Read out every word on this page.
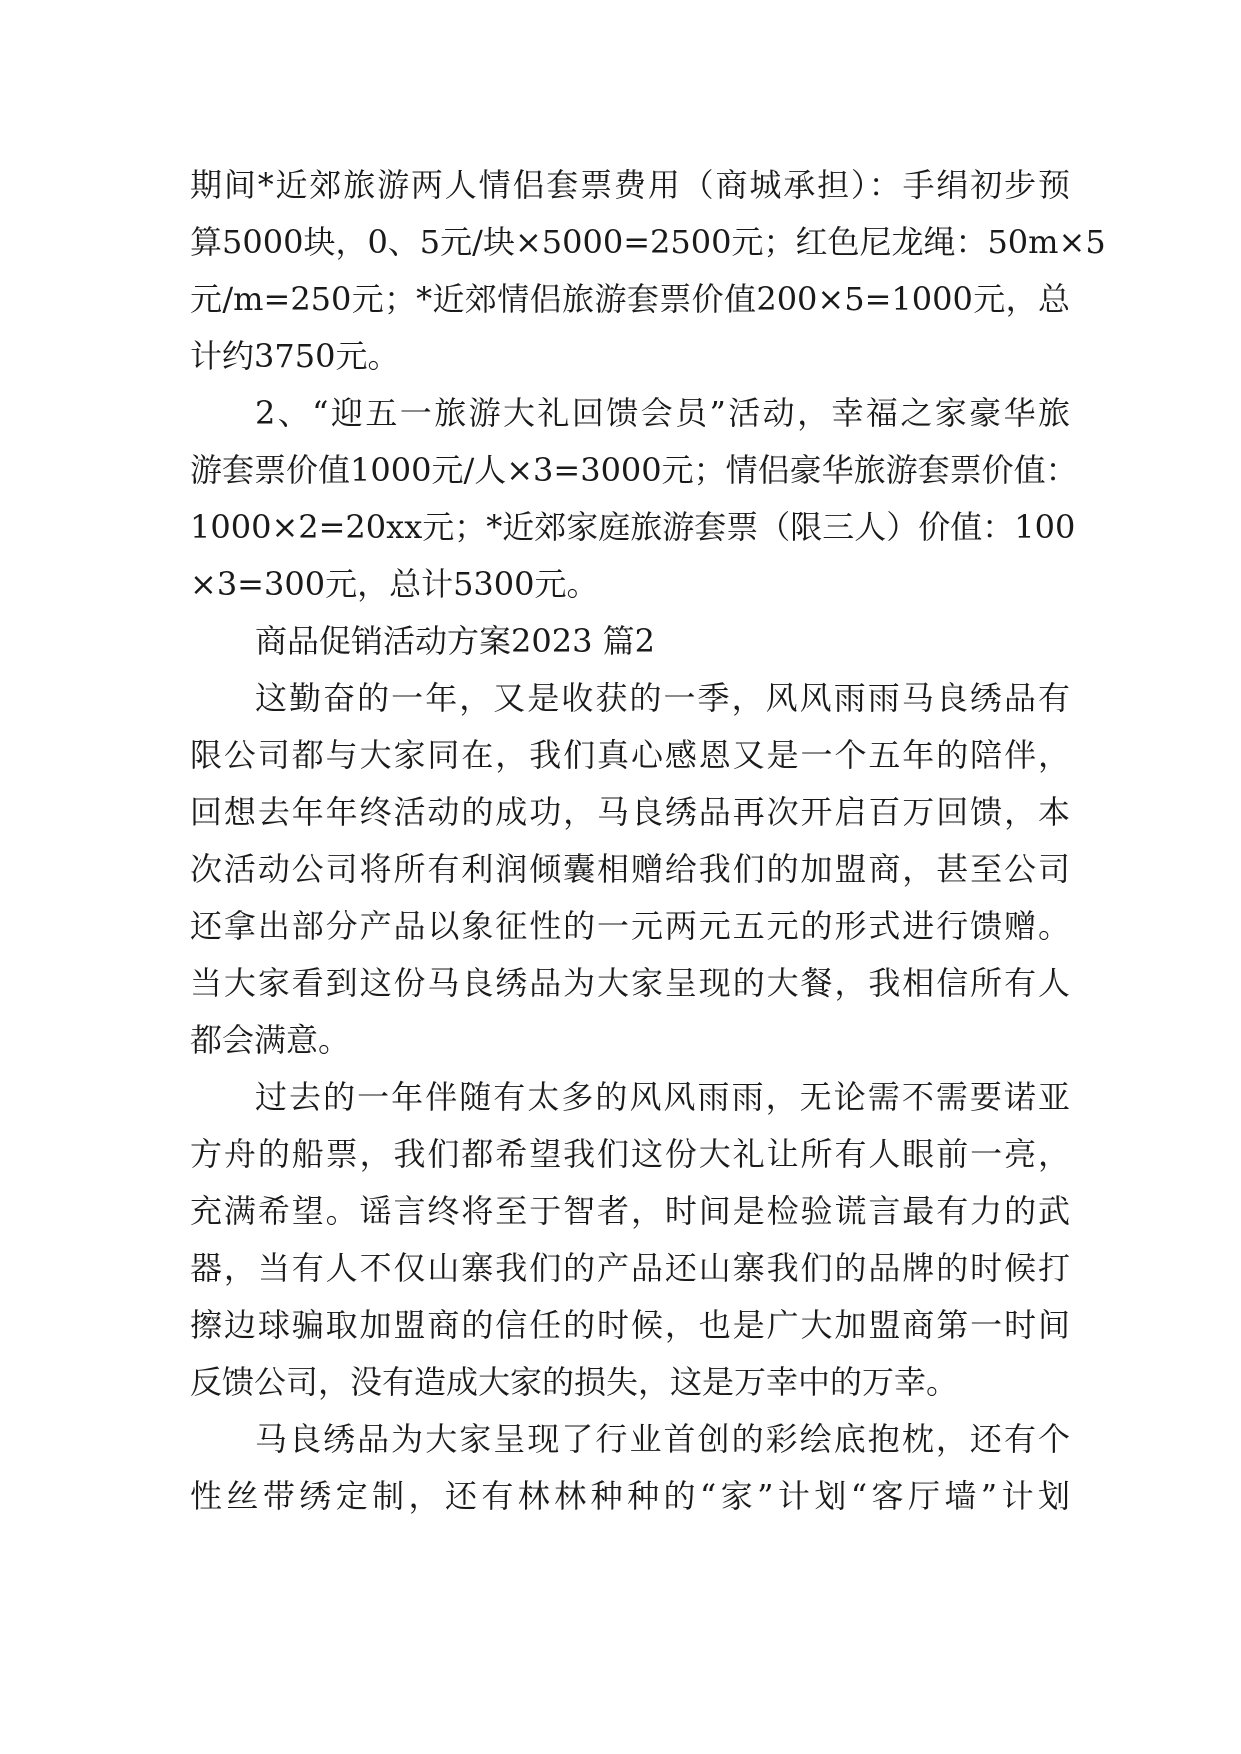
期间*近郊旅游两人情侣套票费用（商城承担）：手绢初步预
算5000块，0、5元/块×5000=2500元；红色尼龙绳：50m×5
元/m=250元；*近郊情侣旅游套票价值200×5=1000元，总
计约3750元。
2、“迎五一旅游大礼回馈会员”活动，幸福之家豪华旅
游套票价值1000元/人×3=3000元；情侣豪华旅游套票价值：
1000×2=20xx元；*近郊家庭旅游套票（限三人）价值：100
×3=300元，总计5300元。
商品促销活动方案2023 篇2
这勤奋的一年，又是收获的一季，风风雨雨马良绣品有
限公司都与大家同在，我们真心感恩又是一个五年的陪伴，
回想去年年终活动的成功，马良绣品再次开启百万回馈，本
次活动公司将所有利润倾囊相赠给我们的加盟商，甚至公司
还拿出部分产品以象征性的一元两元五元的形式进行馈赠。
当大家看到这份马良绣品为大家呈现的大餐，我相信所有人
都会满意。
过去的一年伴随有太多的风风雨雨，无论需不需要诺亚
方舟的船票，我们都希望我们这份大礼让所有人眼前一亮，
充满希望。谣言终将至于智者，时间是检验谎言最有力的武
器，当有人不仅山寨我们的产品还山寨我们的品牌的时候打
擦边球骗取加盟商的信任的时候，也是广大加盟商第一时间
反馈公司，没有造成大家的损失，这是万幸中的万幸。
马良绣品为大家呈现了行业首创的彩绘底抱枕，还有个
性丝带绣定制，还有林林种种的“家”计划“客厅墙”计划
